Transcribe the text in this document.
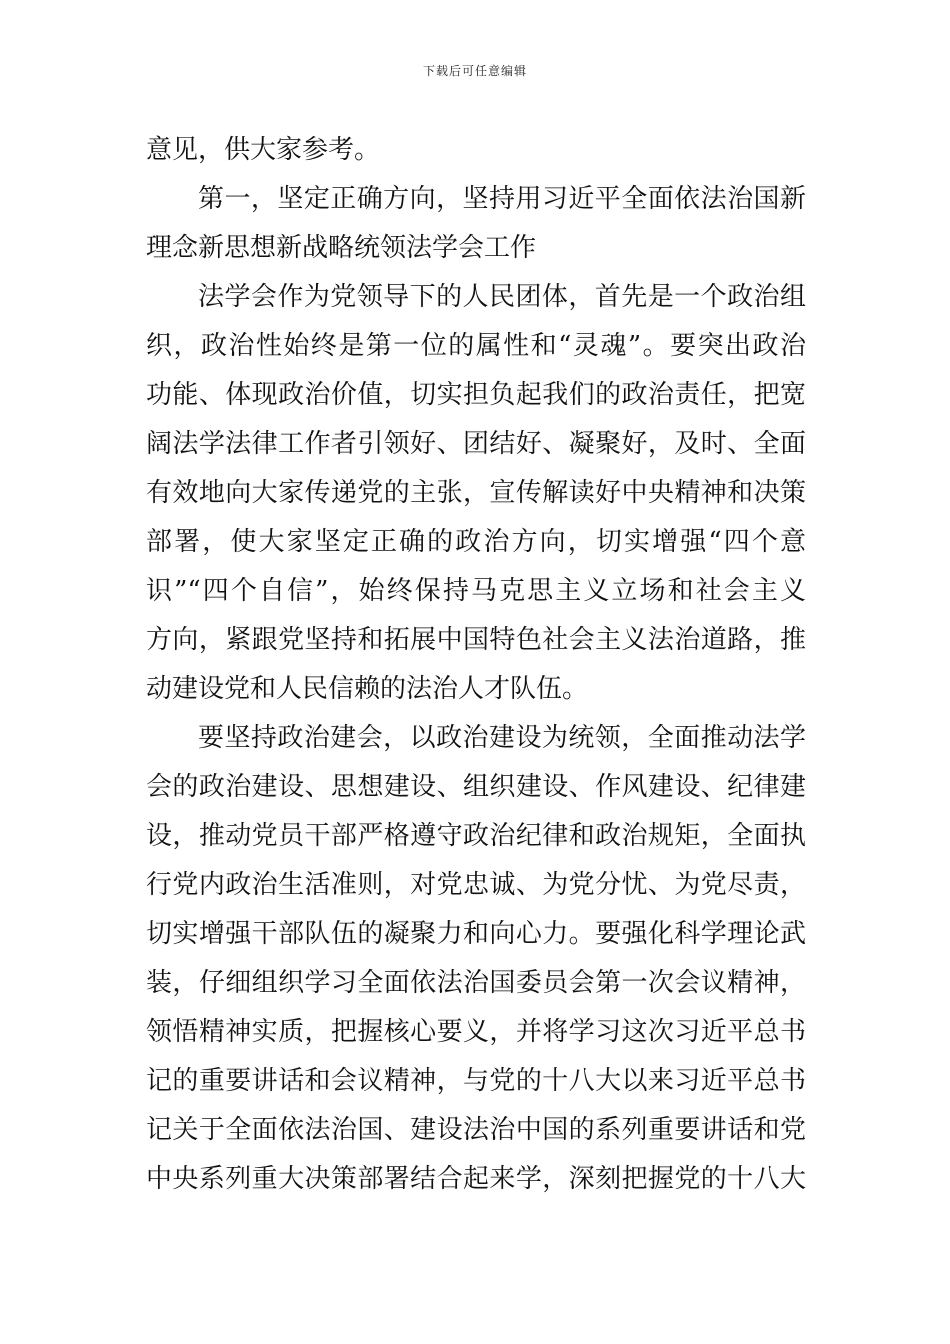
下载后可任意编辑
意见，供大家参考。
第一，坚定正确方向，坚持用习近平全面依法治国新
理念新思想新战略统领法学会工作
法学会作为党领导下的人民团体，首先是一个政治组
织，政治性始终是第一位的属性和“灵魂”。要突出政治
功能、体现政治价值，切实担负起我们的政治责任，把宽
阔法学法律工作者引领好、团结好、凝聚好，及时、全面
有效地向大家传递党的主张，宣传解读好中央精神和决策
部署，使大家坚定正确的政治方向，切实增强“四个意
识”“四个自信”，始终保持马克思主义立场和社会主义
方向，紧跟党坚持和拓展中国特色社会主义法治道路，推
动建设党和人民信赖的法治人才队伍。
要坚持政治建会，以政治建设为统领，全面推动法学
会的政治建设、思想建设、组织建设、作风建设、纪律建
设，推动党员干部严格遵守政治纪律和政治规矩，全面执
行党内政治生活准则，对党忠诚、为党分忧、为党尽责，
切实增强干部队伍的凝聚力和向心力。要强化科学理论武
装，仔细组织学习全面依法治国委员会第一次会议精神，
领悟精神实质，把握核心要义，并将学习这次习近平总书
记的重要讲话和会议精神，与党的十八大以来习近平总书
记关于全面依法治国、建设法治中国的系列重要讲话和党
中央系列重大决策部署结合起来学，深刻把握党的十八大
